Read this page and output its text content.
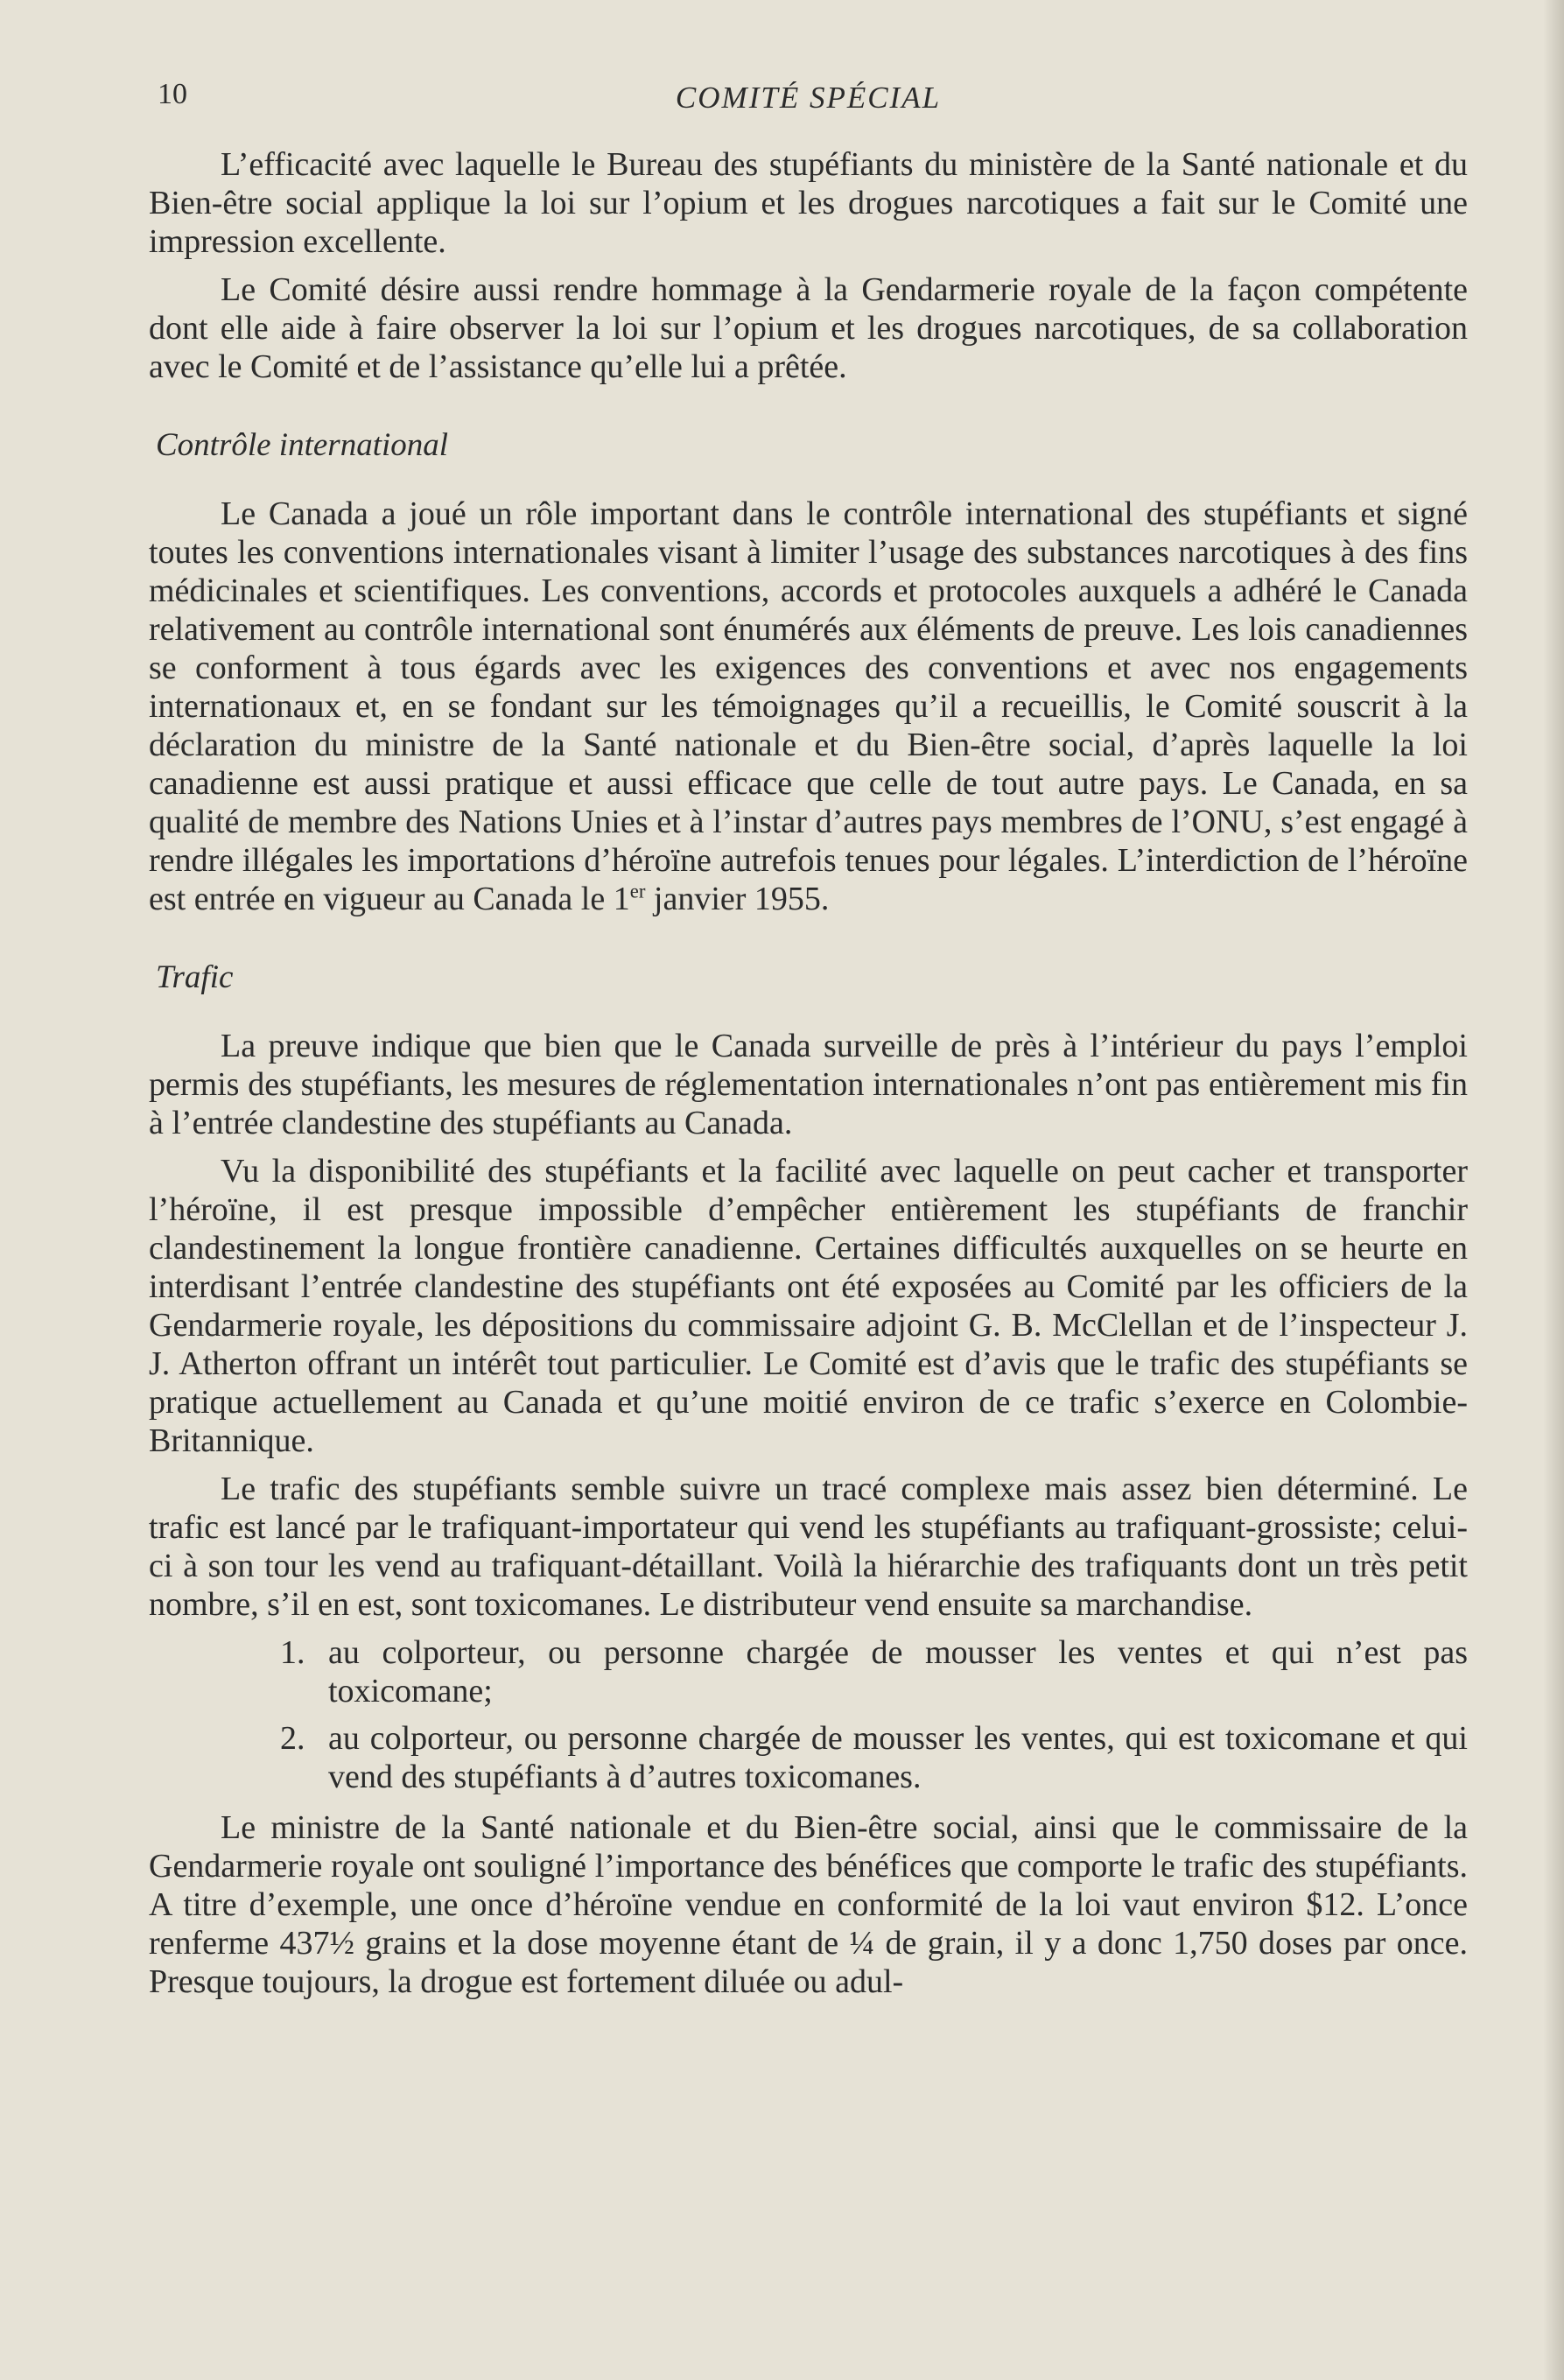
10	COMITÉ SPÉCIAL

L’efficacité avec laquelle le Bureau des stupéfiants du ministère de la Santé nationale et du Bien-être social applique la loi sur l’opium et les drogues narcotiques a fait sur le Comité une impression excellente.

Le Comité désire aussi rendre hommage à la Gendarmerie royale de la façon compétente dont elle aide à faire observer la loi sur l’opium et les drogues narcotiques, de sa collaboration avec le Comité et de l’assistance qu’elle lui a prêtée.

Contrôle international

Le Canada a joué un rôle important dans le contrôle international des stupéfiants et signé toutes les conventions internationales visant à limiter l’usage des substances narcotiques à des fins médicinales et scientifiques. Les conventions, accords et protocoles auxquels a adhéré le Canada relativement au contrôle international sont énumérés aux éléments de preuve. Les lois canadiennes se conforment à tous égards avec les exigences des conventions et avec nos engagements internationaux et, en se fondant sur les témoignages qu’il a recueillis, le Comité souscrit à la déclaration du ministre de la Santé nationale et du Bien-être social, d’après laquelle la loi canadienne est aussi pratique et aussi efficace que celle de tout autre pays. Le Canada, en sa qualité de membre des Nations Unies et à l’instar d’autres pays membres de l’ONU, s’est engagé à rendre illégales les importations d’héroïne autrefois tenues pour légales. L’interdiction de l’héroïne est entrée en vigueur au Canada le 1er janvier 1955.

Trafic

La preuve indique que bien que le Canada surveille de près à l’intérieur du pays l’emploi permis des stupéfiants, les mesures de réglementation internationales n’ont pas entièrement mis fin à l’entrée clandestine des stupéfiants au Canada.

Vu la disponibilité des stupéfiants et la facilité avec laquelle on peut cacher et transporter l’héroïne, il est presque impossible d’empêcher entièrement les stupéfiants de franchir clandestinement la longue frontière canadienne. Certaines difficultés auxquelles on se heurte en interdisant l’entrée clandestine des stupéfiants ont été exposées au Comité par les officiers de la Gendarmerie royale, les dépositions du commissaire adjoint G. B. McClellan et de l’inspecteur J. J. Atherton offrant un intérêt tout particulier. Le Comité est d’avis que le trafic des stupéfiants se pratique actuellement au Canada et qu’une moitié environ de ce trafic s’exerce en Colombie-Britannique.

Le trafic des stupéfiants semble suivre un tracé complexe mais assez bien déterminé. Le trafic est lancé par le trafiquant-importateur qui vend les stupéfiants au trafiquant-grossiste; celui-ci à son tour les vend au trafiquant-détaillant. Voilà la hiérarchie des trafiquants dont un très petit nombre, s’il en est, sont toxicomanes. Le distributeur vend ensuite sa marchandise.

1. au colporteur, ou personne chargée de mousser les ventes et qui n’est pas toxicomane;
2. au colporteur, ou personne chargée de mousser les ventes, qui est toxicomane et qui vend des stupéfiants à d’autres toxicomanes.

Le ministre de la Santé nationale et du Bien-être social, ainsi que le commissaire de la Gendarmerie royale ont souligné l’importance des bénéfices que comporte le trafic des stupéfiants. A titre d’exemple, une once d’héroïne vendue en conformité de la loi vaut environ $12. L’once renferme 437½ grains et la dose moyenne étant de ¼ de grain, il y a donc 1,750 doses par once. Presque toujours, la drogue est fortement diluée ou adul-
